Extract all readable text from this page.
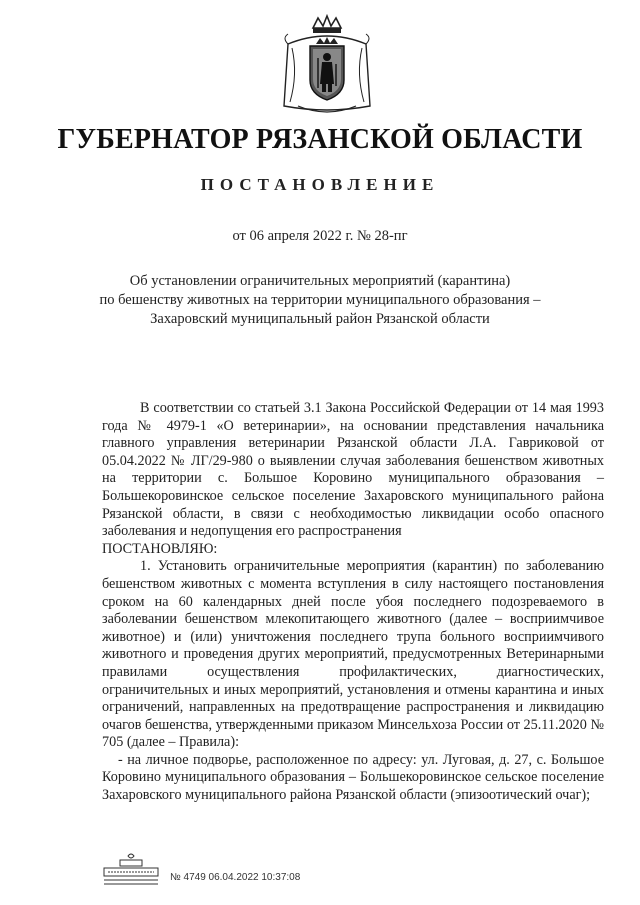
ГУБЕРНАТОР РЯЗАНСКОЙ ОБЛАСТИ
ПОСТАНОВЛЕНИЕ
от 06 апреля 2022 г. № 28-пг
Об установлении ограничительных мероприятий (карантина)
по бешенству животных на территории муниципального образования –
Захаровский муниципальный район Рязанской области

В соответствии со статьей 3.1 Закона Российской Федерации от 14 мая 1993 года № 4979-1 «О ветеринарии», на основании представления начальника главного управления ветеринарии Рязанской области Л.А. Гавриковой от 05.04.2022 № ЛГ/29-980 о выявлении случая заболевания бешенством животных на территории с. Большое Коровино муниципального образования – Большекоровинское сельское поселение Захаровского муниципального района Рязанской области, в связи с необходимостью ликвидации особо опасного заболевания и недопущения его распространения

ПОСТАНОВЛЯЮ:

1. Установить ограничительные мероприятия (карантин) по заболеванию бешенством животных с момента вступления в силу настоящего постановления сроком на 60 календарных дней после убоя последнего подозреваемого в заболевании бешенством млекопитающего животного (далее – восприимчивое животное) и (или) уничтожения последнего трупа больного восприимчивого животного и проведения других мероприятий, предусмотренных Ветеринарными правилами осуществления профилактических, диагностических, ограничительных и иных мероприятий, установления и отмены карантина и иных ограничений, направленных на предотвращение распространения и ликвидацию очагов бешенства, утвержденными приказом Минсельхоза России от 25.11.2020 № 705 (далее – Правила):

- на личное подворье, расположенное по адресу: ул. Луговая, д. 27, с. Большое Коровино муниципального образования – Большекоровинское сельское поселение Захаровского муниципального района Рязанской области (эпизоотический очаг);

№ 4749 06.04.2022 10:37:08
